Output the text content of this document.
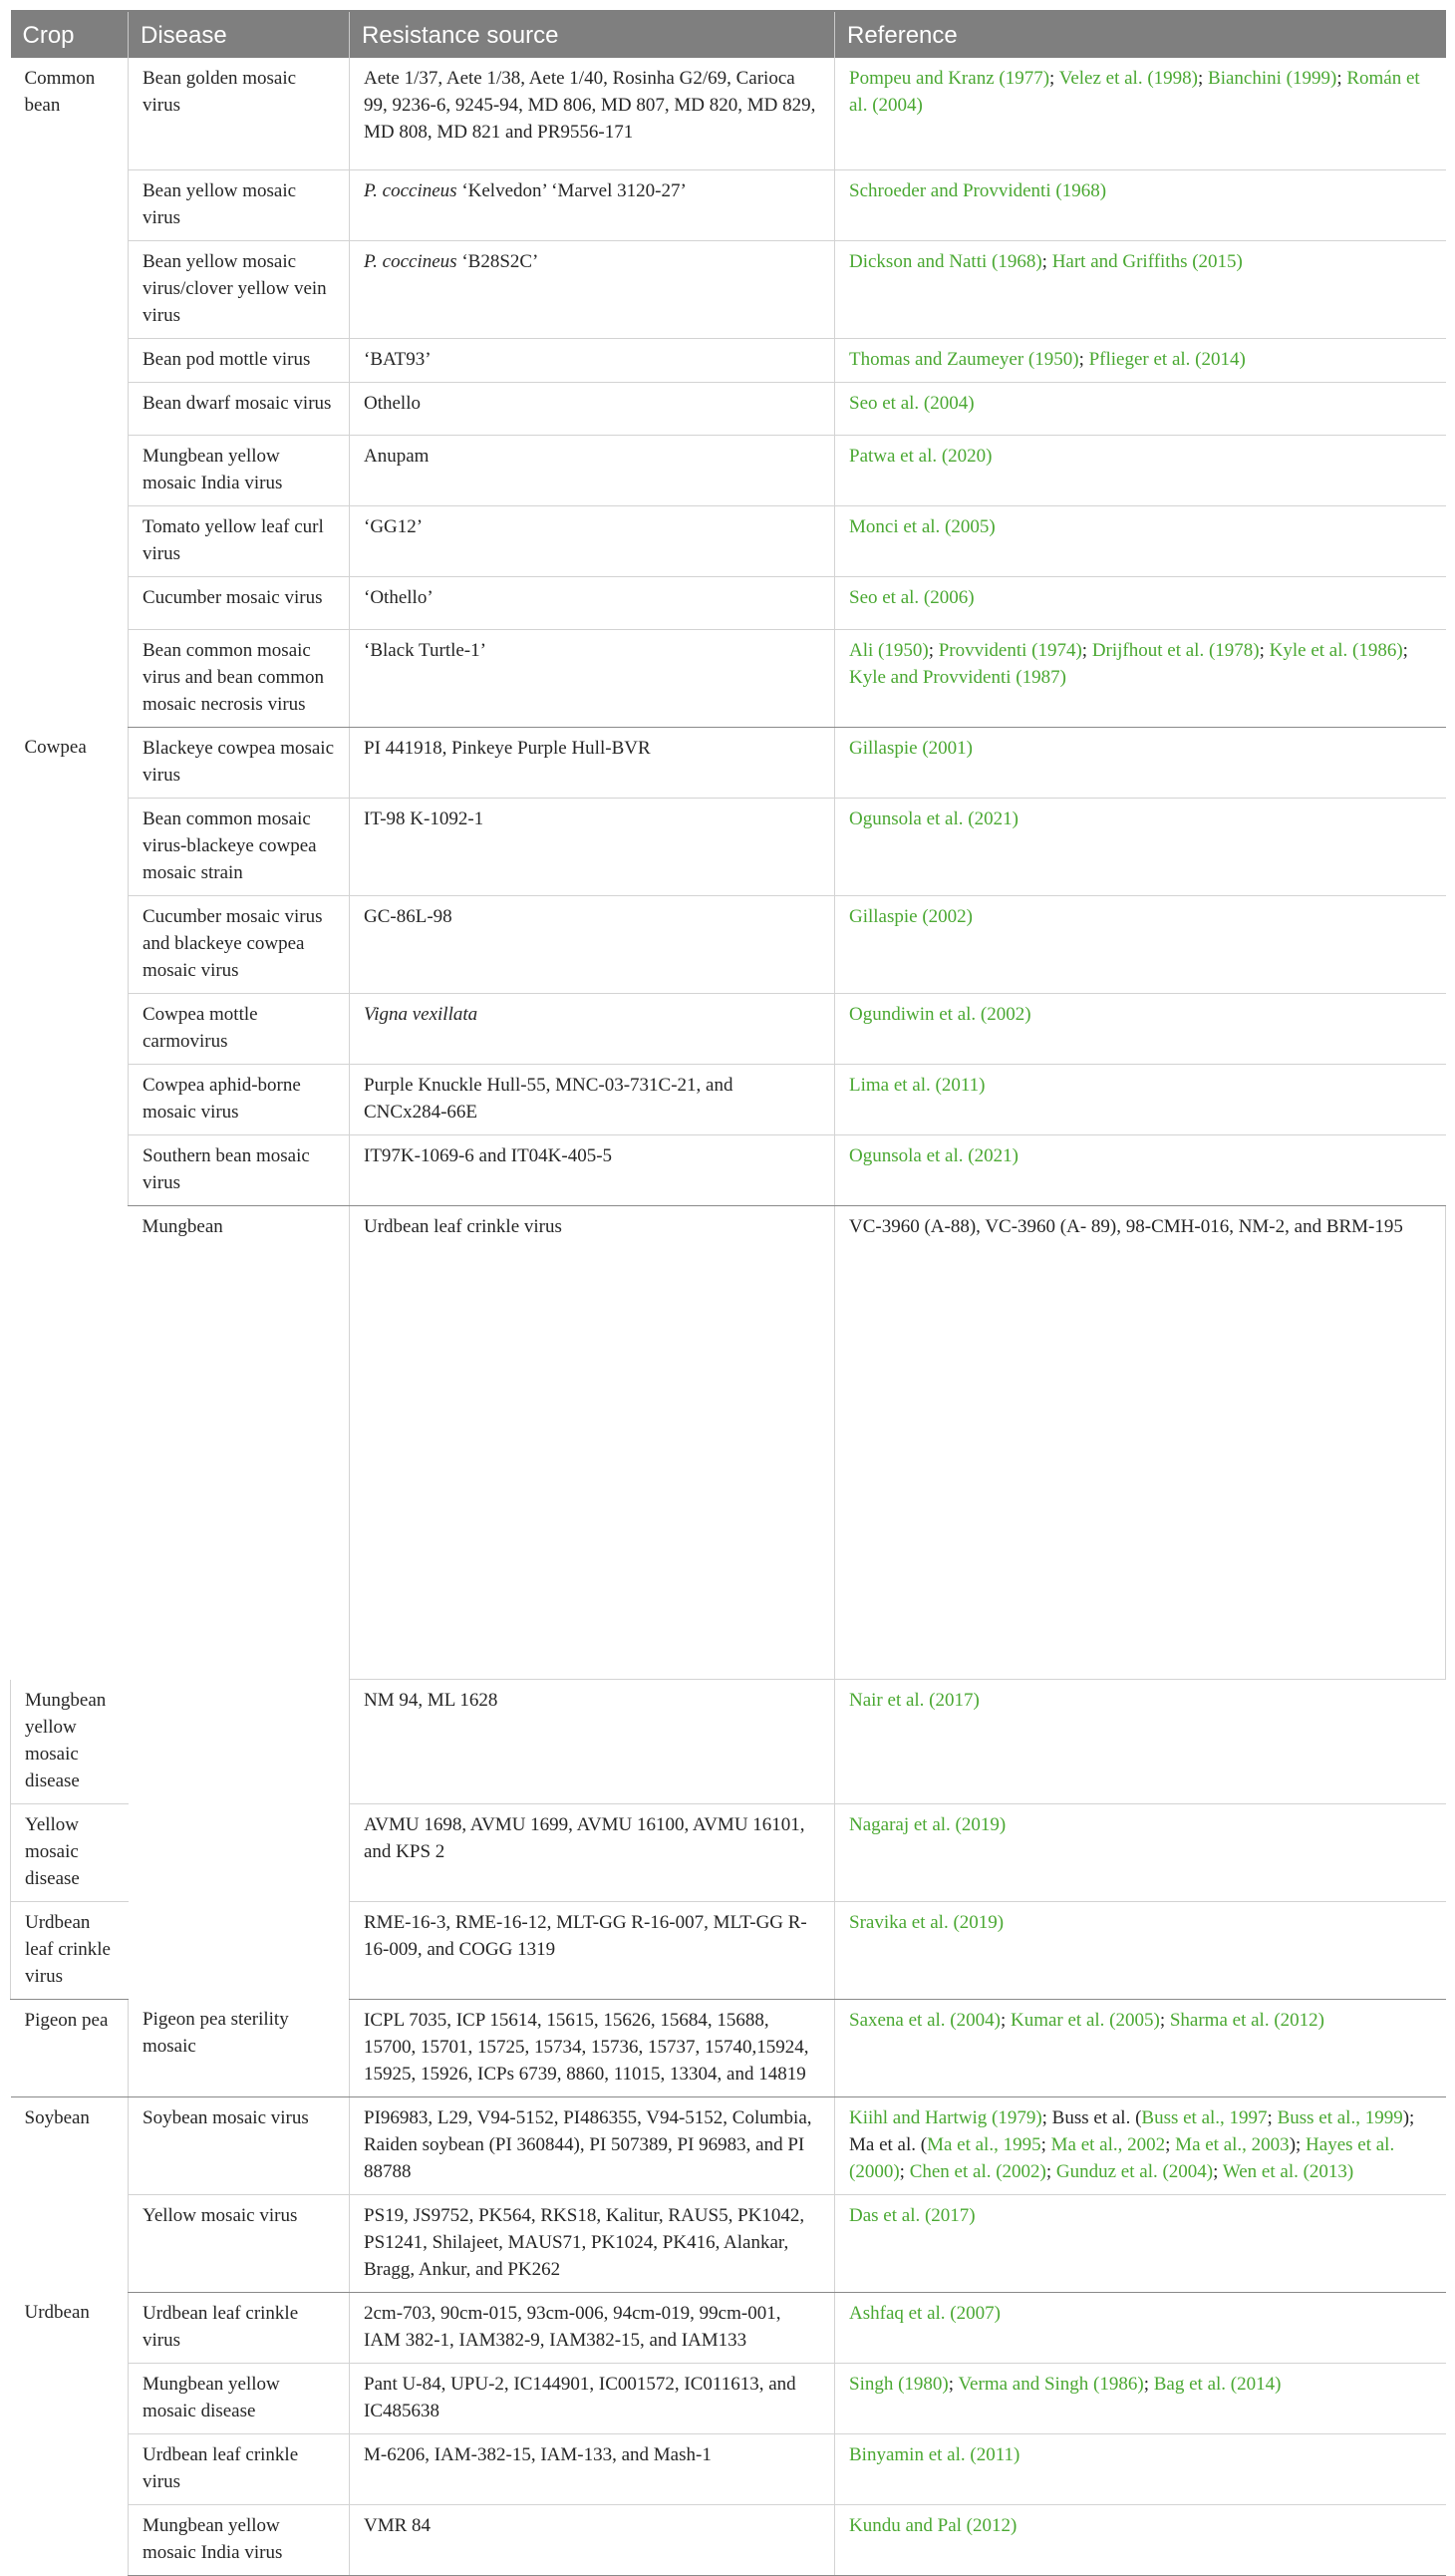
Crop	Disease	Resistance source	Reference	
Common bean	Bean golden mosaic virus	Aete 1/37, Aete 1/38, Aete 1/40, Rosinha G2/69, Carioca 99, 9236-6, 9245-94, MD 806, MD 807, MD 820, MD 829, MD 808, MD 821 and PR9556-171	Pompeu and Kranz (1977); Velez et al. (1998); Bianchini (1999); Román et al. (2004)	
	Bean yellow mosaic virus	P. coccineus ‘Kelvedon’ ‘Marvel 3120-27’	Schroeder and Provvidenti (1968)	
	Bean yellow mosaic virus/clover yellow vein virus	P. coccineus ‘B28S2C’	Dickson and Natti (1968); Hart and Griffiths (2015)	
	Bean pod mottle virus	‘BAT93’	Thomas and Zaumeyer (1950); Pflieger et al. (2014)	
	Bean dwarf mosaic virus	Othello	Seo et al. (2004)	
	Mungbean yellow mosaic India virus	Anupam	Patwa et al. (2020)	
	Tomato yellow leaf curl virus	‘GG12’	Monci et al. (2005)	
	Cucumber mosaic virus	‘Othello’	Seo et al. (2006)	
	Bean common mosaic virus and bean common mosaic necrosis virus	‘Black Turtle-1’	Ali (1950); Provvidenti (1974); Drijfhout et al. (1978); Kyle et al. (1986); Kyle and Provvidenti (1987)	
Cowpea	Blackeye cowpea mosaic virus	PI 441918, Pinkeye Purple Hull-BVR	Gillaspie (2001)	
	Bean common mosaic virus-blackeye cowpea mosaic strain	IT-98 K-1092-1	Ogunsola et al. (2021)	
	Cucumber mosaic virus and blackeye cowpea mosaic virus	GC-86L-98	Gillaspie (2002)	
	Cowpea mottle carmovirus	Vigna vexillata	Ogundiwin et al. (2002)	
	Cowpea aphid-borne mosaic virus	Purple Knuckle Hull-55, MNC-03-731C-21, and CNCx284-66E	Lima et al. (2011)	
	Southern bean mosaic virus	IT97K-1069-6 and IT04K-405-5	Ogunsola et al. (2021)	
	Mungbean	Urdbean leaf crinkle virus	VC-3960 (A-88), VC-3960 (A- 89), 98-CMH-016, NM-2, and BRM-195	
Mungbean yellow mosaic disease		NM 94, ML 1628	Nair et al. (2017)	
Yellow mosaic disease		AVMU 1698, AVMU 1699, AVMU 16100, AVMU 16101, and KPS 2	Nagaraj et al. (2019)	
Urdbean leaf crinkle virus		RME-16-3, RME-16-12, MLT-GG R-16-007, MLT-GG R-16-009, and COGG 1319	Sravika et al. (2019)	
Pigeon pea	Pigeon pea sterility mosaic	ICPL 7035, ICP 15614, 15615, 15626, 15684, 15688, 15700, 15701, 15725, 15734, 15736, 15737, 15740,15924, 15925, 15926, ICPs 6739, 8860, 11015, 13304, and 14819	Saxena et al. (2004); Kumar et al. (2005); Sharma et al. (2012)	
Soybean	Soybean mosaic virus	PI96983, L29, V94-5152, PI486355, V94-5152, Columbia, Raiden soybean (PI 360844), PI 507389, PI 96983, and PI 88788	Kiihl and Hartwig (1979); Buss et al. (Buss et al., 1997; Buss et al., 1999); Ma et al. (Ma et al., 1995; Ma et al., 2002; Ma et al., 2003); Hayes et al. (2000); Chen et al. (2002); Gunduz et al. (2004); Wen et al. (2013)	
	Yellow mosaic virus	PS19, JS9752, PK564, RKS18, Kalitur, RAUS5, PK1042, PS1241, Shilajeet, MAUS71, PK1024, PK416, Alankar, Bragg, Ankur, and PK262	Das et al. (2017)	
Urdbean	Urdbean leaf crinkle virus	2cm-703, 90cm-015, 93cm-006, 94cm-019, 99cm-001, IAM 382-1, IAM382-9, IAM382-15, and IAM133	Ashfaq et al. (2007)	
	Mungbean yellow mosaic disease	Pant U-84, UPU-2, IC144901, IC001572, IC011613, and IC485638	Singh (1980); Verma and Singh (1986); Bag et al. (2014)	
	Urdbean leaf crinkle virus	M-6206, IAM-382-15, IAM-133, and Mash-1	Binyamin et al. (2011)	
	Mungbean yellow mosaic India virus	VMR 84	Kundu and Pal (2012)	
